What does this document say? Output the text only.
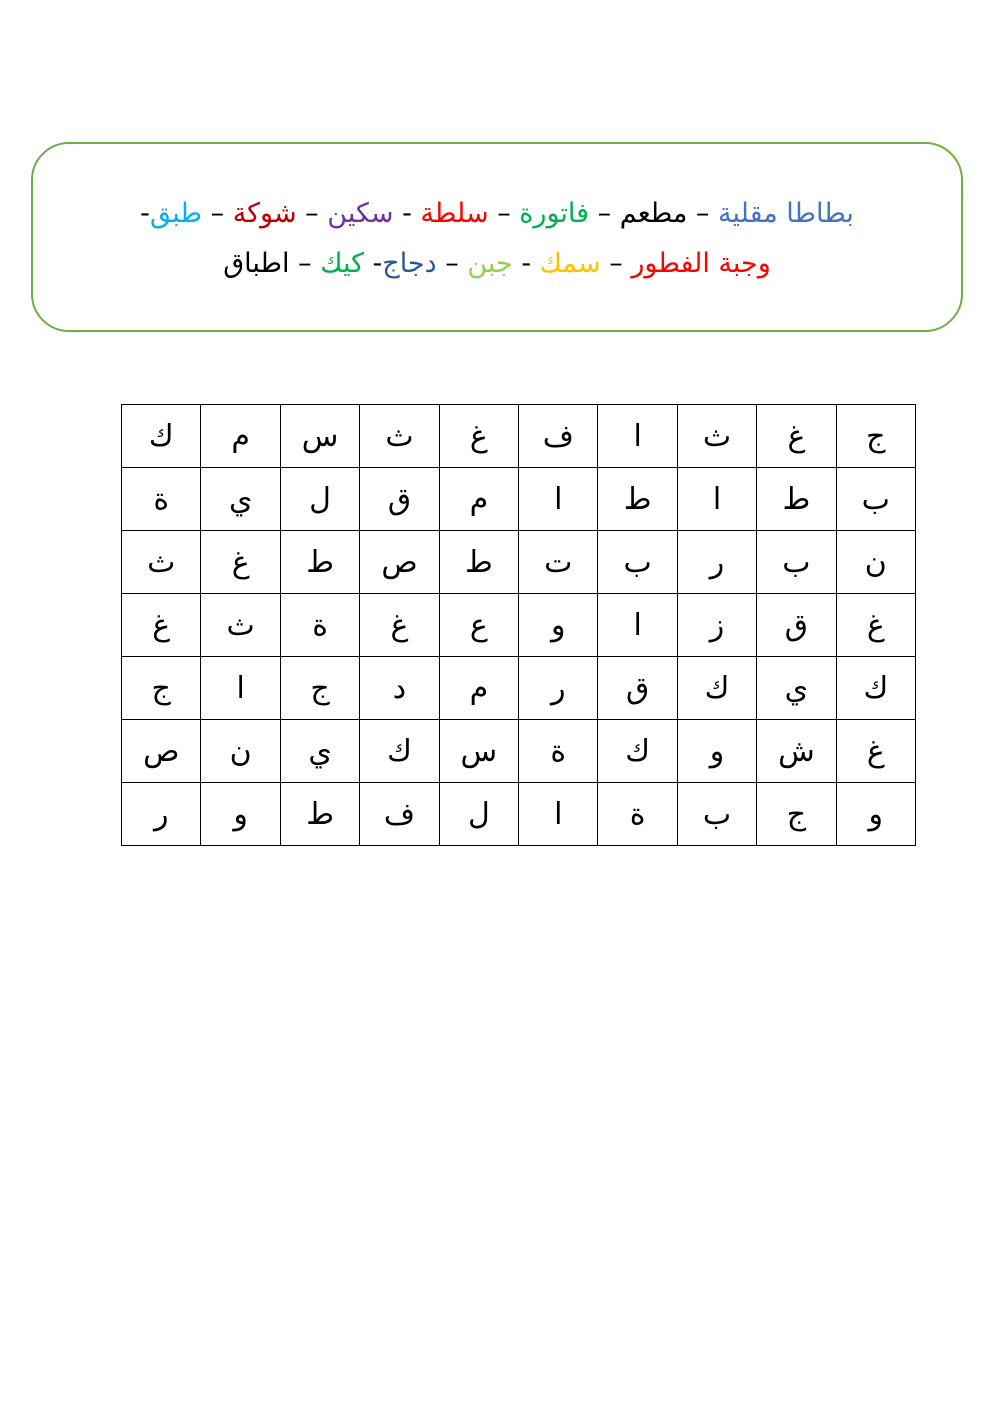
بطاطا مقلية – مطعم – فاتورة – سلطة - سكين – شوكة – طبق-
وجبة الفطور – سمك - جبن – دجاج- كيك – اطباق
ج	غ	ث	ا	ف	غ	ث	س	م	ك
ب	ط	ا	ط	ا	م	ق	ل	ي	ة
ن	ب	ر	ب	ت	ط	ص	ط	غ	ث
غ	ق	ز	ا	و	ع	غ	ة	ث	غ
ك	ي	ك	ق	ر	م	د	ج	ا	ج
غ	ش	و	ك	ة	س	ك	ي	ن	ص
و	ج	ب	ة	ا	ل	ف	ط	و	ر
